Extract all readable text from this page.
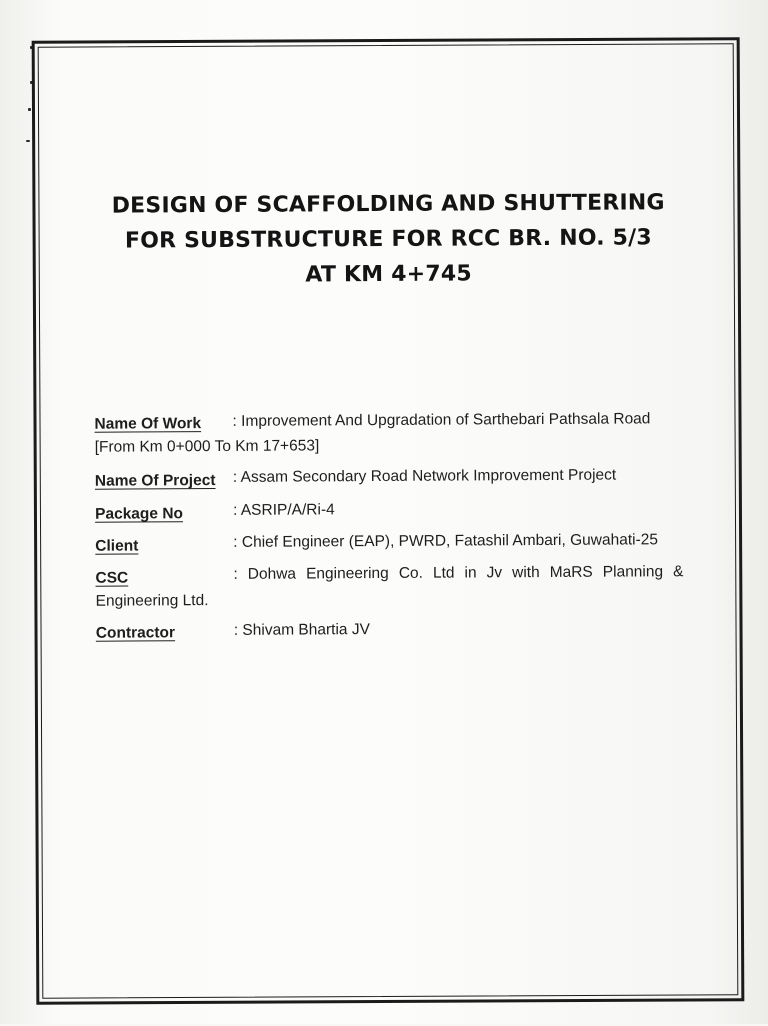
DESIGN OF SCAFFOLDING AND SHUTTERING
FOR SUBSTRUCTURE FOR RCC BR. NO. 5/3
AT KM 4+745
Name Of Work : Improvement And Upgradation of Sarthebari Pathsala Road
[From Km 0+000 To Km 17+653]
Name Of Project : Assam Secondary Road Network Improvement Project
Package No	: ASRIP/A/Ri-4
Client	: Chief Engineer (EAP), PWRD, Fatashil Ambari, Guwahati-25
CSC	: Dohwa Engineering Co. Ltd in Jv with MaRS Planning &
Engineering Ltd.
Contractor	: Shivam Bhartia JV
